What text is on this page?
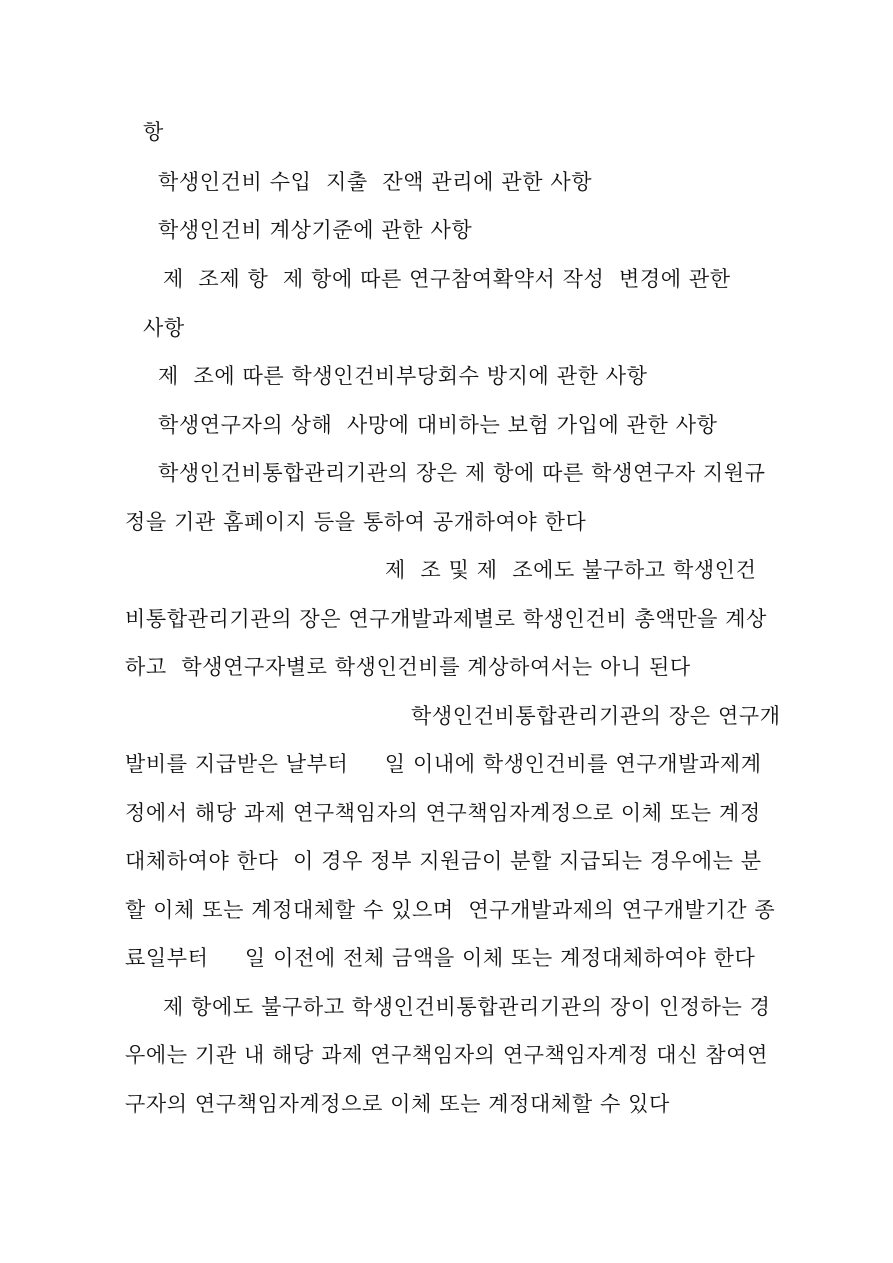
항

학생인건비 수입  지출  잔액 관리에 관한 사항

학생인건비 계상기준에 관한 사항

제  조제 항  제 항에 따른 연구참여확약서 작성  변경에 관한

사항

제  조에 따른 학생인건비부당회수 방지에 관한 사항

학생연구자의 상해  사망에 대비하는 보험 가입에 관한 사항

학생인건비통합관리기관의 장은 제 항에 따른 학생연구자 지원규

정을 기관 홈페이지 등을 통하여 공개하여야 한다

제  조 및 제  조에도 불구하고 학생인건

비통합관리기관의 장은 연구개발과제별로 학생인건비 총액만을 계상

하고  학생연구자별로 학생인건비를 계상하여서는 아니 된다

학생인건비통합관리기관의 장은 연구개

발비를 지급받은 날부터     일 이내에 학생인건비를 연구개발과제계

정에서 해당 과제 연구책임자의 연구책임자계정으로 이체 또는 계정

대체하여야 한다  이 경우 정부 지원금이 분할 지급되는 경우에는 분

할 이체 또는 계정대체할 수 있으며  연구개발과제의 연구개발기간 종

료일부터     일 이전에 전체 금액을 이체 또는 계정대체하여야 한다

제 항에도 불구하고 학생인건비통합관리기관의 장이 인정하는 경

우에는 기관 내 해당 과제 연구책임자의 연구책임자계정 대신 참여연

구자의 연구책임자계정으로 이체 또는 계정대체할 수 있다
